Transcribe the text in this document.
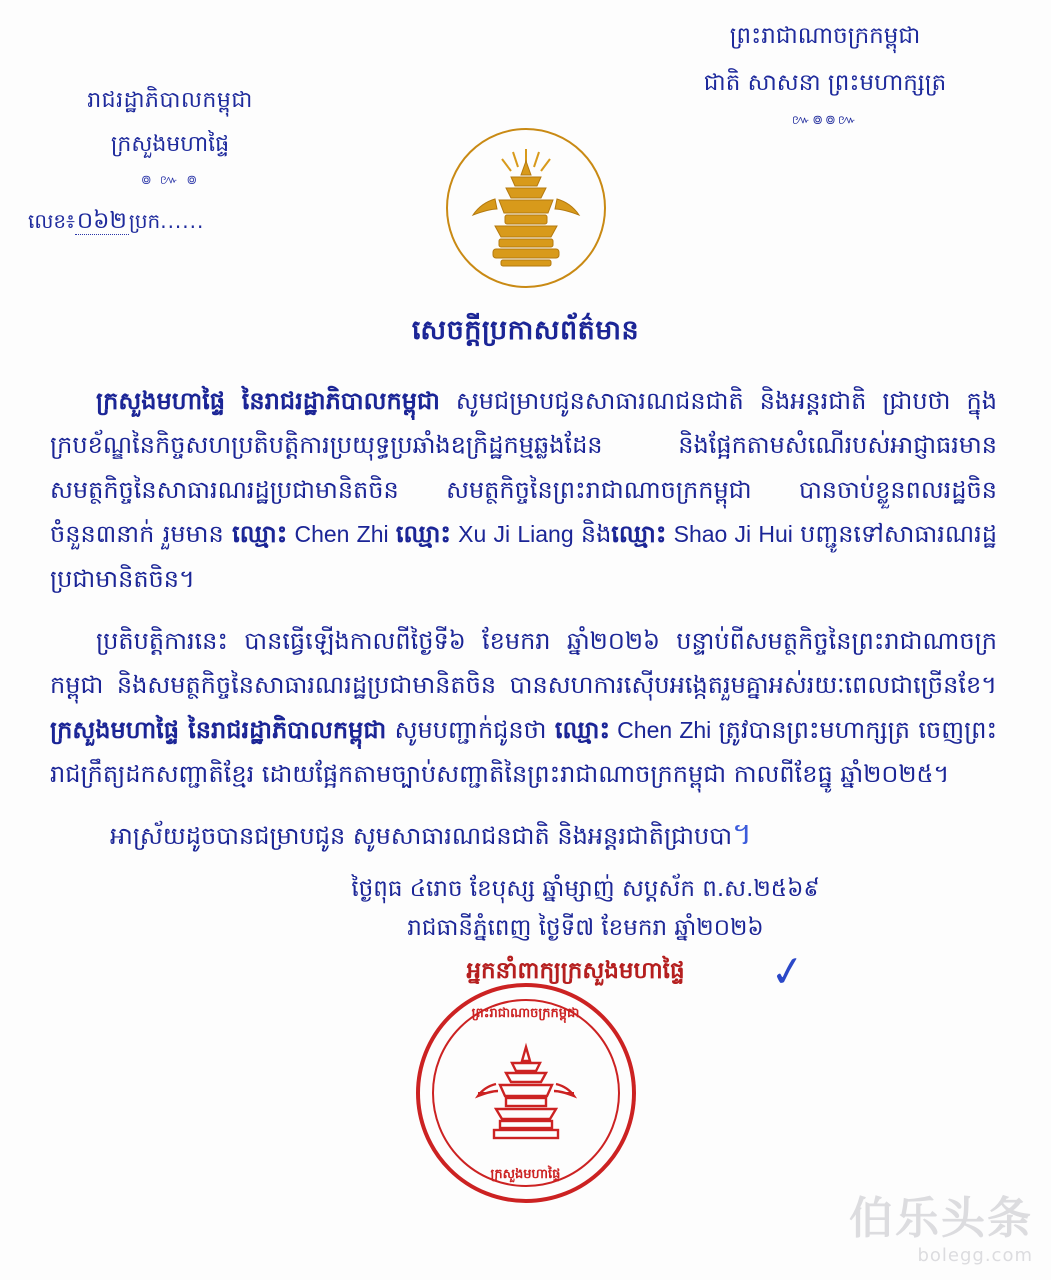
រាជរដ្ឋាភិបាលកម្ពុជា
ក្រសួងមហាផ្ទៃ
៙ ៚ ៙
លេខ៖០៦២ ប្រក......
ព្រះរាជាណាចក្រកម្ពុជា
ជាតិ សាសនា ព្រះមហាក្សត្រ
៚៙៙៚
សេចក្ដីប្រកាសព័ត៌មាន
ក្រសួងមហាផ្ទៃ នៃរាជរដ្ឋាភិបាលកម្ពុជា សូមជម្រាបជូនសាធារណជនជាតិ និងអន្តរជាតិ ជ្រាបថា ក្នុងក្របខ័ណ្ឌនៃកិច្ចសហប្រតិបត្តិការប្រយុទ្ធប្រឆាំងឧក្រិដ្ឋកម្មឆ្លងដែន និងផ្អែកតាមសំណើរបស់អាជ្ញាធរមានសមត្ថកិច្ចនៃសាធារណរដ្ឋប្រជាមានិតចិន សមត្ថកិច្ចនៃព្រះរាជាណាចក្រកម្ពុជា បានចាប់ខ្លួនពលរដ្ឋចិនចំនួន៣នាក់ រួមមាន ឈ្មោះ Chen Zhi ឈ្មោះ Xu Ji Liang និងឈ្មោះ Shao Ji Hui បញ្ជូនទៅសាធារណរដ្ឋប្រជាមានិតចិន។
ប្រតិបត្តិការនេះ បានធ្វើឡើងកាលពីថ្ងៃទី៦ ខែមករា ឆ្នាំ២០២៦ បន្ទាប់ពីសមត្ថកិច្ចនៃព្រះរាជាណាចក្រកម្ពុជា និងសមត្ថកិច្ចនៃសាធារណរដ្ឋប្រជាមានិតចិន បានសហការស៊ើបអង្កេតរួមគ្នាអស់រយៈពេលជាច្រើនខែ។ ក្រសួងមហាផ្ទៃ នៃរាជរដ្ឋាភិបាលកម្ពុជា សូមបញ្ជាក់ជូនថា ឈ្មោះ Chen Zhi ត្រូវបានព្រះមហាក្សត្រ ចេញព្រះរាជក្រឹត្យដកសញ្ជាតិខ្មែរ ដោយផ្អែកតាមច្បាប់សញ្ជាតិនៃព្រះរាជាណាចក្រកម្ពុជា កាលពីខែធ្នូ ឆ្នាំ២០២៥។
អាស្រ័យដូចបានជម្រាបជូន សូមសាធារណជនជាតិ និងអន្តរជាតិជ្រាបបា។
ថ្ងៃពុធ ៤រោច ខែបុស្ស ឆ្នាំម្សាញ់ សប្តស័ក ព.ស.២៥៦៩
រាជធានីភ្នំពេញ ថ្ងៃទី៧ ខែមករា ឆ្នាំ២០២៦
អ្នកនាំពាក្យក្រសួងមហាផ្ទៃ ✓
ព្រះរាជាណាចក្រកម្ពុជា
ក្រសួងមហាផ្ទៃ
伯乐头条
bolegg.com
